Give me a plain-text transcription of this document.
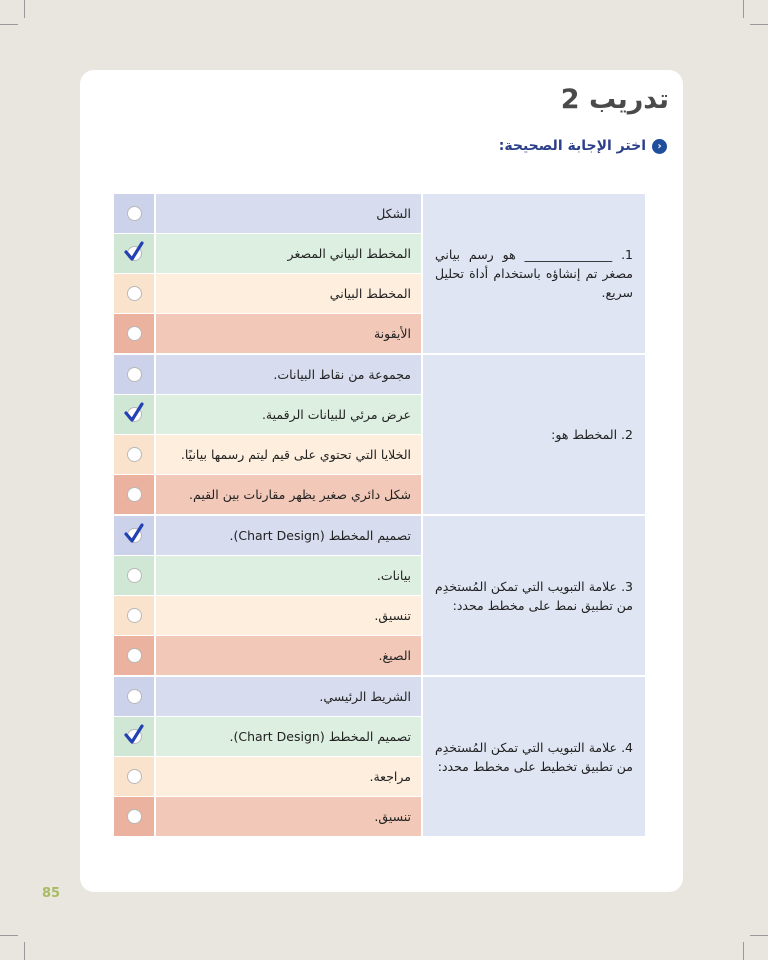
تدريب 2
‹
اختر الإجابة الصحيحة:
1. ______________ هو رسم بياني مصغر تم إنشاؤه باستخدام أداة تحليل سريع.
الشكل
المخطط البياني المصغر
المخطط البياني
الأيقونة
2. المخطط هو:
مجموعة من نقاط البيانات.
عرض مرئي للبيانات الرقمية.
الخلايا التي تحتوي على قيم ليتم رسمها بيانيًا.
شكل دائري صغير يظهر مقارنات بين القيم.
3. علامة التبويب التي تمكن المُستخدِم من تطبيق نمط على مخطط محدد:
تصميم المخطط (Chart Design).
بيانات.
تنسيق.
الصيغ.
4. علامة التبويب التي تمكن المُستخدِم من تطبيق تخطيط على مخطط محدد:
الشريط الرئيسي.
تصميم المخطط (Chart Design).
مراجعة.
تنسيق.
85
